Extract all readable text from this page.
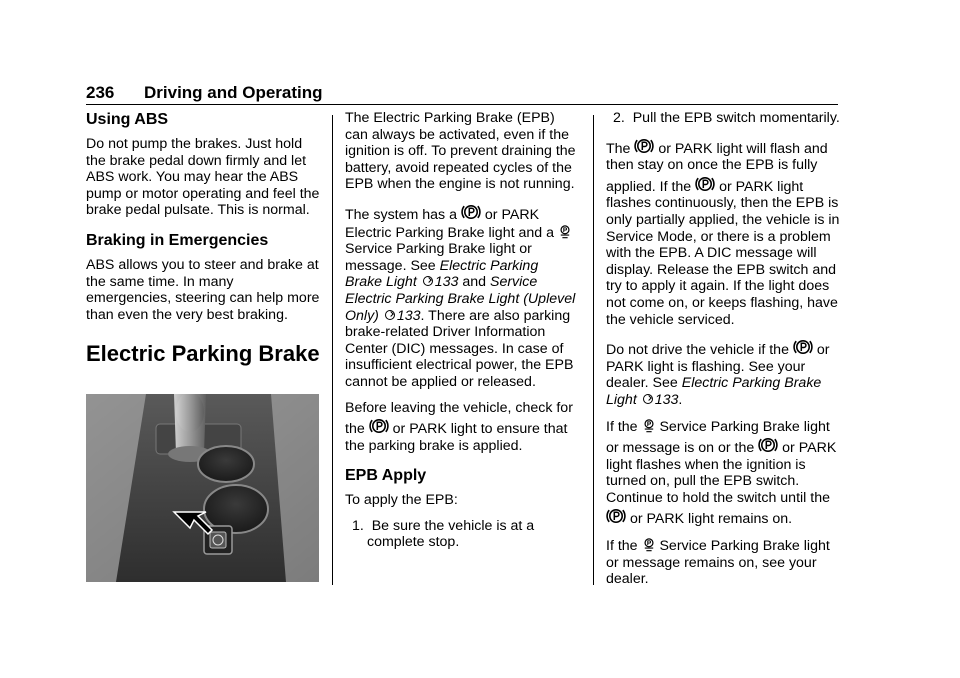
236 Driving and Operating
Using ABS

Do not pump the brakes. Just hold the brake pedal down firmly and let ABS work. You may hear the ABS pump or motor operating and feel the brake pedal pulsate. This is normal.

Braking in Emergencies

ABS allows you to steer and brake at the same time. In many emergencies, steering can help more than even the very best braking.

Electric Parking Brake

The Electric Parking Brake (EPB) can always be activated, even if the ignition is off. To prevent draining the battery, avoid repeated cycles of the EPB when the engine is not running.

The system has a or PARK Electric Parking Brake light and a  Service Parking Brake light or message. See Electric Parking Brake Light 133 and Service Electric Parking Brake Light (Uplevel Only) 133. There are also parking brake-related Driver Information Center (DIC) messages. In case of insufficient electrical power, the EPB cannot be applied or released.

Before leaving the vehicle, check for the or PARK light to ensure that the parking brake is applied.

EPB Apply

To apply the EPB:

1.  Be sure the vehicle is at a complete stop.

2.  Pull the EPB switch momentarily.

The or PARK light will flash and then stay on once the EPB is fully applied. If the or PARK light flashes continuously, then the EPB is only partially applied, the vehicle is in Service Mode, or there is a problem with the EPB. A DIC message will display. Release the EPB switch and try to apply it again. If the light does not come on, or keeps flashing, have the vehicle serviced.

Do not drive the vehicle if the or PARK light is flashing. See your dealer. See Electric Parking Brake Light 133.

If the Service Parking Brake light or message is on or the or PARK light flashes when the ignition is turned on, pull the EPB switch. Continue to hold the switch until the  or PARK light remains on.

If the Service Parking Brake light or message remains on, see your dealer.
